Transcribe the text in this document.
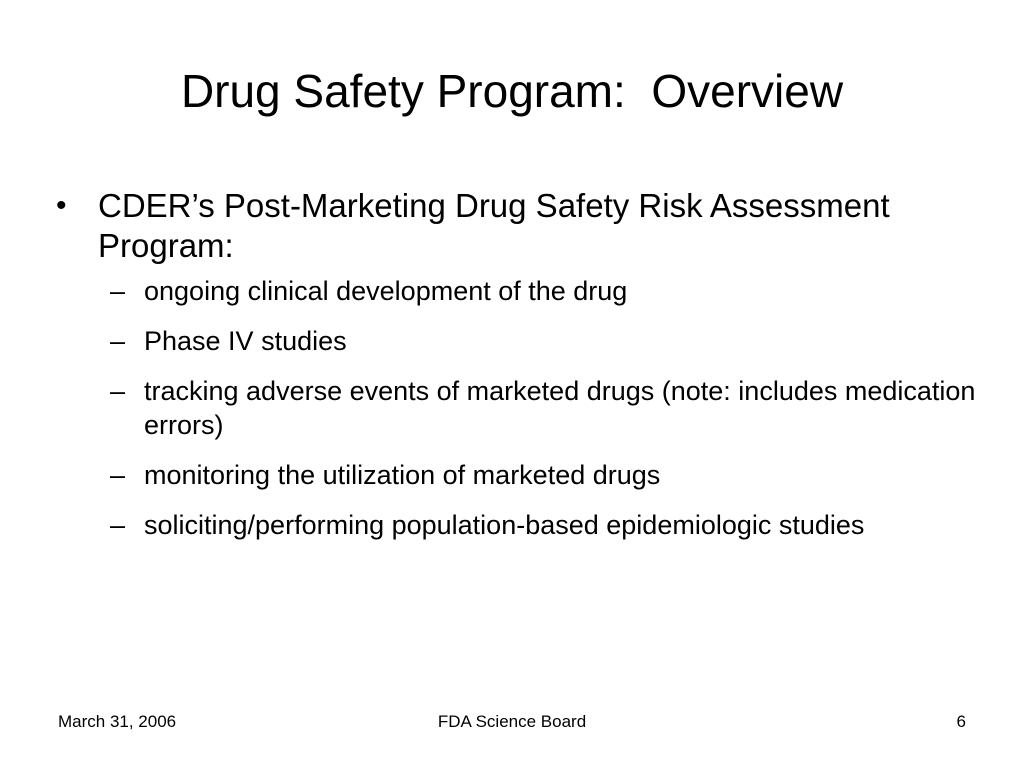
Drug Safety Program:  Overview
• CDER’s Post-Marketing Drug Safety Risk Assessment Program:
– ongoing clinical development of the drug
– Phase IV studies
– tracking adverse events of marketed drugs (note: includes medication errors)
– monitoring the utilization of marketed drugs
– soliciting/performing population-based epidemiologic studies
March 31, 2006	FDA Science Board	6
